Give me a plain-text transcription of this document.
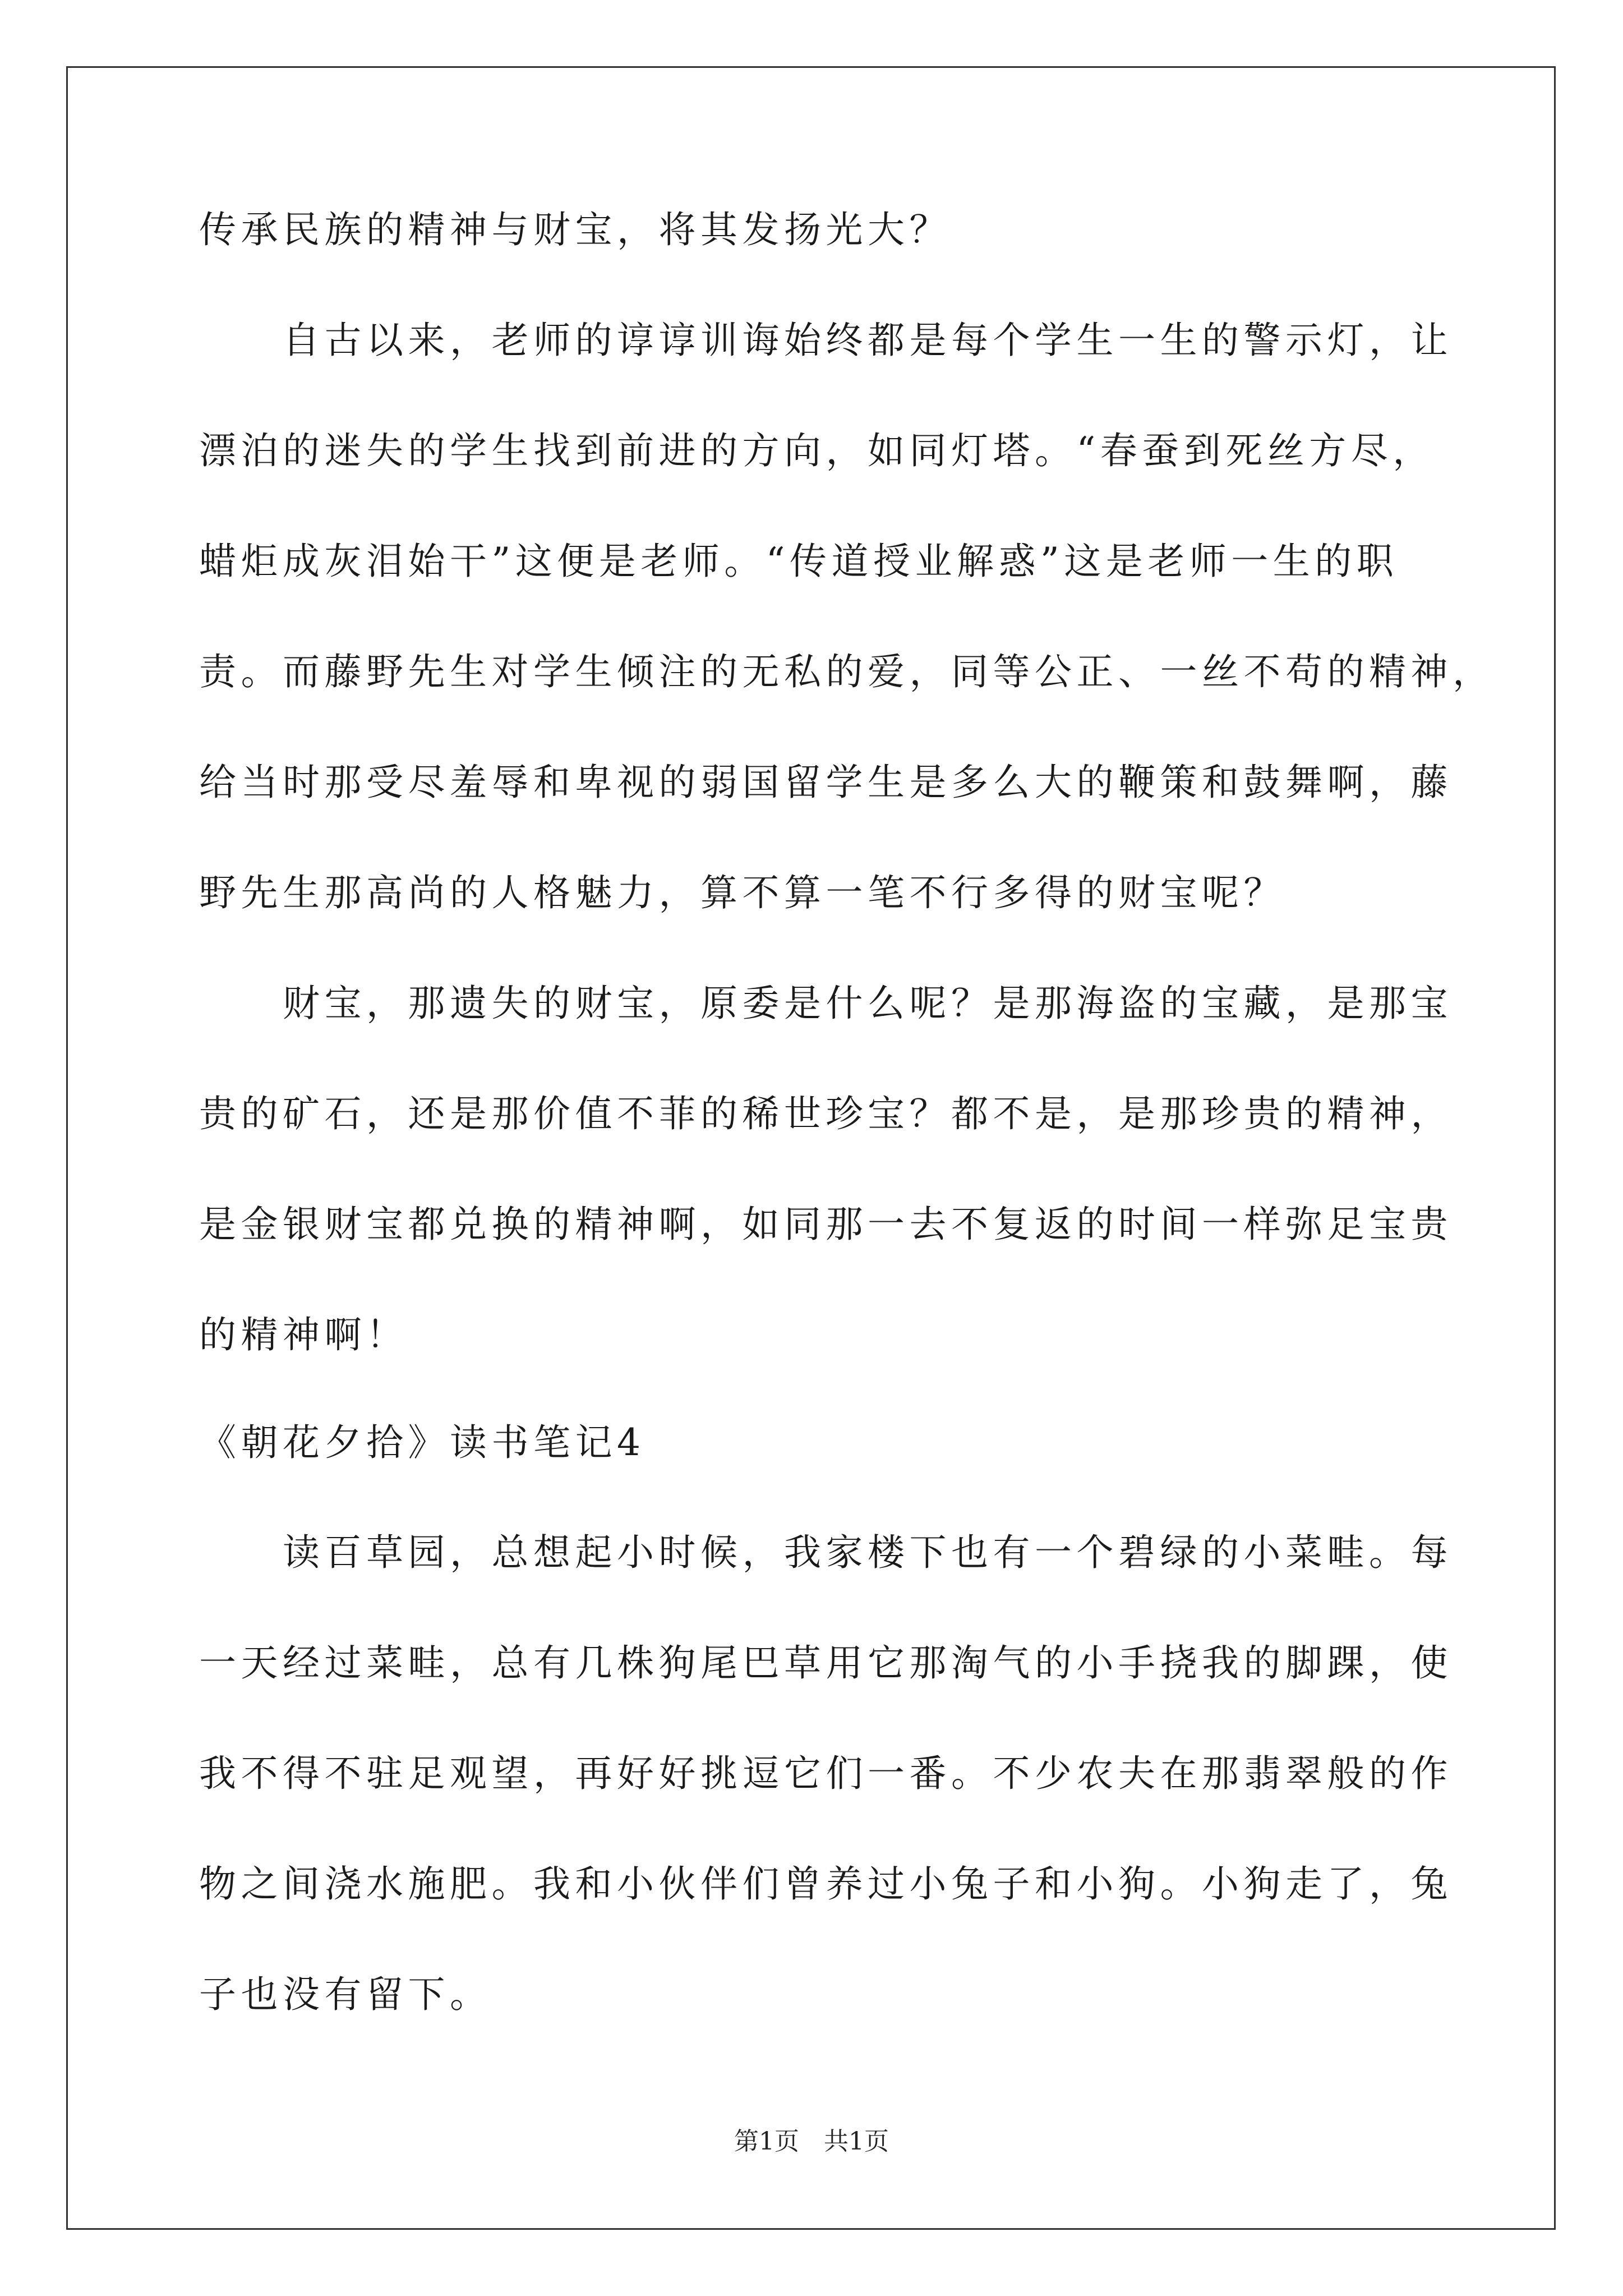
传承民族的精神与财宝，将其发扬光大？
　　自古以来，老师的谆谆训诲始终都是每个学生一生的警示灯，让
漂泊的迷失的学生找到前进的方向，如同灯塔。“春蚕到死丝方尽，
蜡炬成灰泪始干”这便是老师。“传道授业解惑”这是老师一生的职
责。而藤野先生对学生倾注的无私的爱，同等公正、一丝不苟的精神，
给当时那受尽羞辱和卑视的弱国留学生是多么大的鞭策和鼓舞啊，藤
野先生那高尚的人格魅力，算不算一笔不行多得的财宝呢？
　　财宝，那遗失的财宝，原委是什么呢？是那海盗的宝藏，是那宝
贵的矿石，还是那价值不菲的稀世珍宝？都不是，是那珍贵的精神，
是金银财宝都兑换的精神啊，如同那一去不复返的时间一样弥足宝贵
的精神啊！
《朝花夕拾》读书笔记4
　　读百草园，总想起小时候，我家楼下也有一个碧绿的小菜畦。每
一天经过菜畦，总有几株狗尾巴草用它那淘气的小手挠我的脚踝，使
我不得不驻足观望，再好好挑逗它们一番。不少农夫在那翡翠般的作
物之间浇水施肥。我和小伙伴们曾养过小兔子和小狗。小狗走了，兔
子也没有留下。
第1页　共1页
